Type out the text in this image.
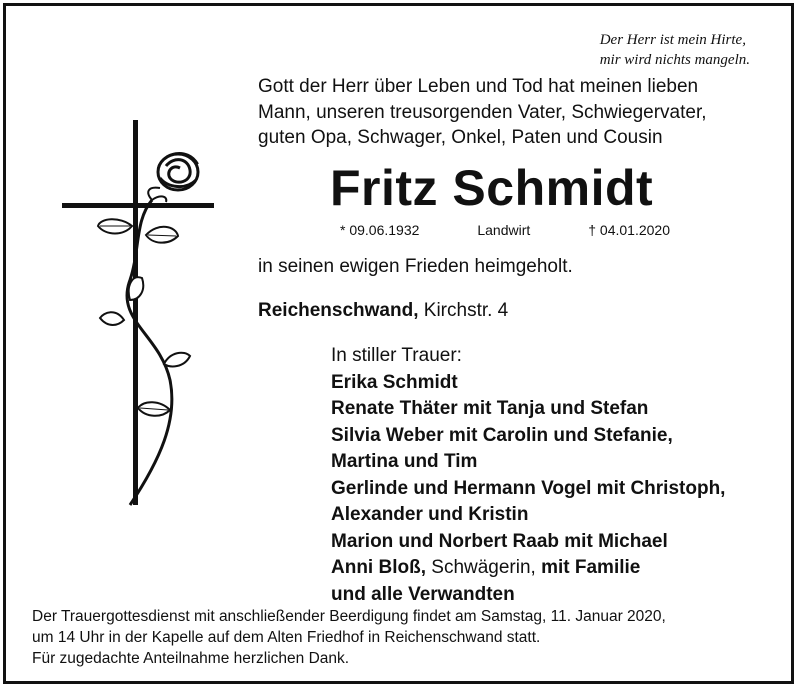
Der Herr ist mein Hirte,
mir wird nichts mangeln.
Gott der Herr über Leben und Tod hat meinen lieben
Mann, unseren treusorgenden Vater, Schwiegervater,
guten Opa, Schwager, Onkel, Paten und Cousin
Fritz Schmidt
* 09.06.1932	Landwirt	† 04.01.2020
in seinen ewigen Frieden heimgeholt.
Reichenschwand, Kirchstr. 4
In stiller Trauer:
Erika Schmidt
Renate Thäter mit Tanja und Stefan
Silvia Weber mit Carolin und Stefanie,
Martina und Tim
Gerlinde und Hermann Vogel mit Christoph,
Alexander und Kristin
Marion und Norbert Raab mit Michael
Anni Bloß, Schwägerin, mit Familie
und alle Verwandten
Der Trauergottesdienst mit anschließender Beerdigung findet am Samstag, 11. Januar 2020,
um 14 Uhr in der Kapelle auf dem Alten Friedhof in Reichenschwand statt.
Für zugedachte Anteilnahme herzlichen Dank.
